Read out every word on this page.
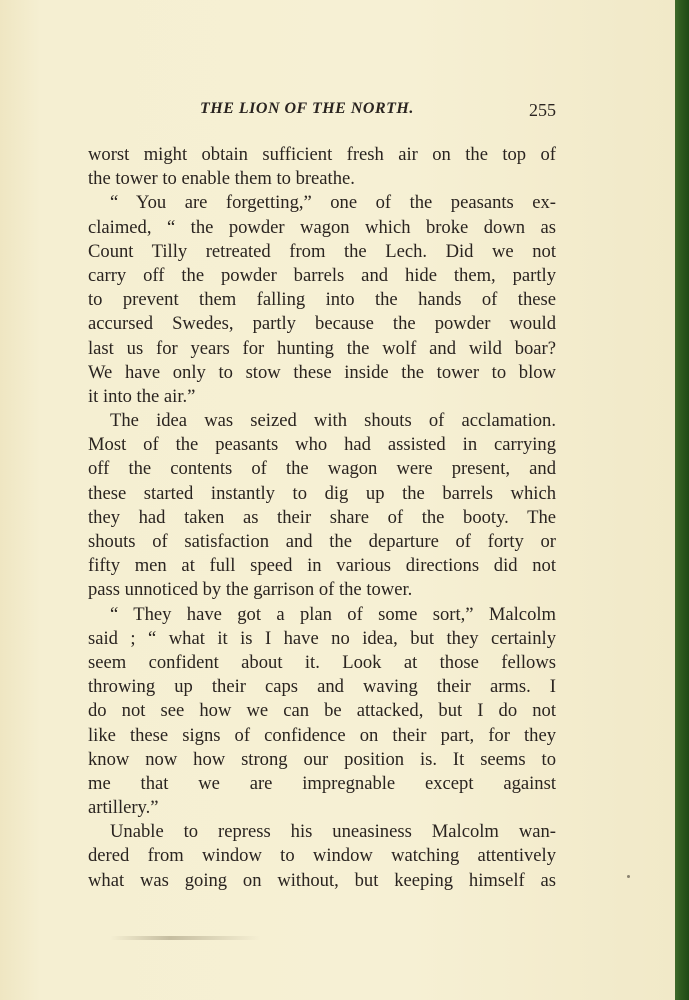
THE LION OF THE NORTH.	255
worst might obtain sufficient fresh air on the top of
the tower to enable them to breathe.
“ You are forgetting,” one of the peasants ex-
claimed, “ the powder wagon which broke down as
Count Tilly retreated from the Lech. Did we not
carry off the powder barrels and hide them, partly
to prevent them falling into the hands of these
accursed Swedes, partly because the powder would
last us for years for hunting the wolf and wild boar?
We have only to stow these inside the tower to blow
it into the air.”
The idea was seized with shouts of acclamation.
Most of the peasants who had assisted in carrying
off the contents of the wagon were present, and
these started instantly to dig up the barrels which
they had taken as their share of the booty. The
shouts of satisfaction and the departure of forty or
fifty men at full speed in various directions did not
pass unnoticed by the garrison of the tower.
“ They have got a plan of some sort,” Malcolm
said ; “ what it is I have no idea, but they certainly
seem confident about it. Look at those fellows
throwing up their caps and waving their arms. I
do not see how we can be attacked, but I do not
like these signs of confidence on their part, for they
know now how strong our position is. It seems to
me that we are impregnable except against
artillery.”
Unable to repress his uneasiness Malcolm wan-
dered from window to window watching attentively
what was going on without, but keeping himself as
